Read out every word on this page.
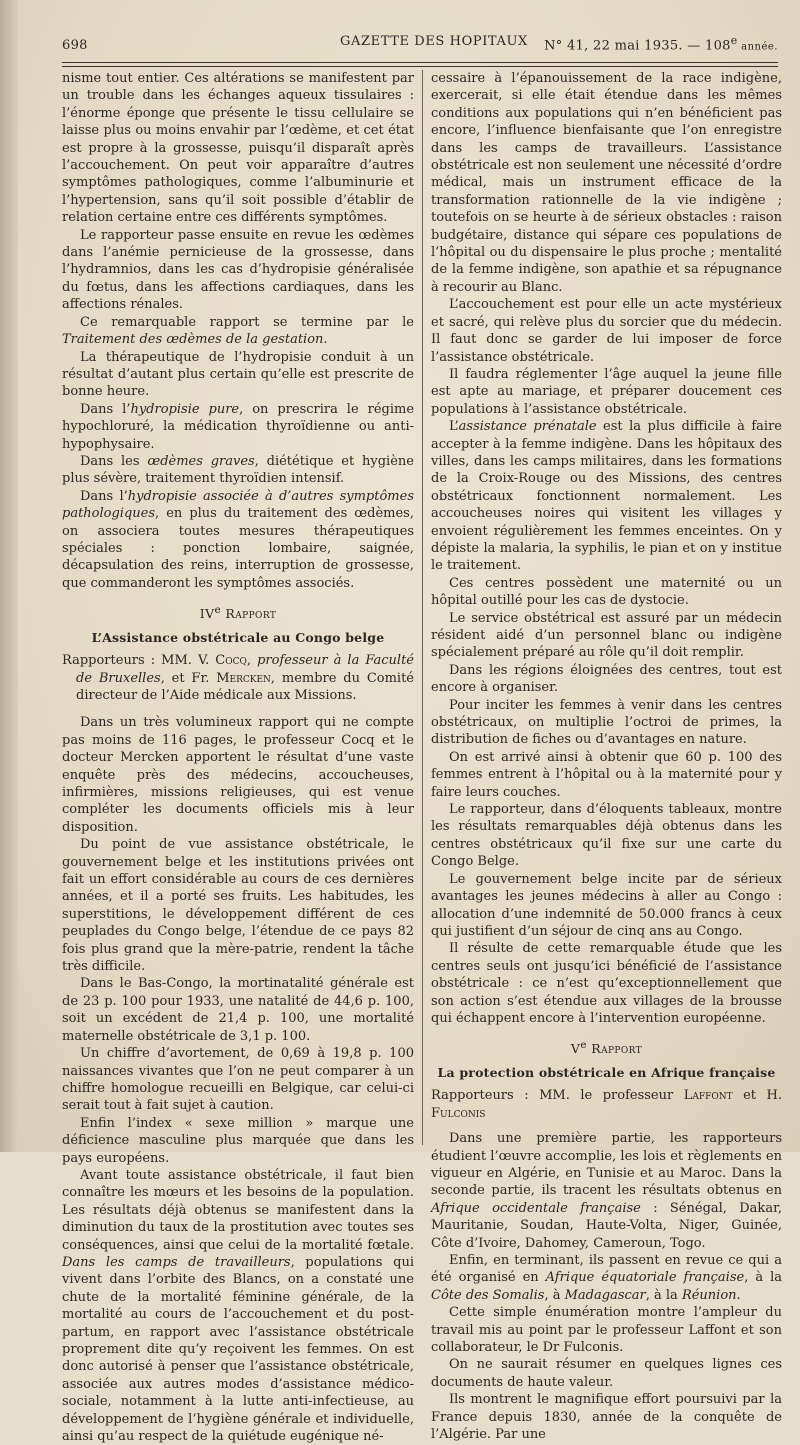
698	GAZETTE DES HOPITAUX N° 41, 22 mai 1935. — 108e année.

nisme tout entier. Ces altérations se manifestent par un trouble dans les échanges aqueux tissulaires : l’énorme éponge que présente le tissu cellulaire se laisse plus ou moins envahir par l’œdème, et cet état est propre à la grossesse, puisqu’il disparaît après l’accouchement. On peut voir apparaître d’autres symptômes pathologiques, comme l’albuminurie et l’hypertension, sans qu’il soit possible d’établir de relation certaine entre ces différents symptômes.

Le rapporteur passe ensuite en revue les œdèmes dans l’anémie pernicieuse de la grossesse, dans l’hydramnios, dans les cas d’hydropisie généralisée du fœtus, dans les affections cardiaques, dans les affections rénales.

Ce remarquable rapport se termine par le Traitement des œdèmes de la gestation.

La thérapeutique de l’hydropisie conduit à un résultat d’autant plus certain qu’elle est prescrite de bonne heure.

Dans l’hydropisie pure, on prescrira le régime hypochloruré, la médication thyroïdienne ou anti-hypophysaire.

Dans les œdèmes graves, diététique et hygiène plus sévère, traitement thyroïdien intensif.

Dans l’hydropisie associée à d’autres symptômes pathologiques, en plus du traitement des œdèmes, on associera toutes mesures thérapeutiques spéciales : ponction lombaire, saignée, décapsulation des reins, interruption de grossesse, que commanderont les symptômes associés.

IVe Rapport
L’Assistance obstétricale au Congo belge

Rapporteurs : MM. V. Cocq, professeur à la Faculté de Bruxelles, et Fr. Mercken, membre du Comité directeur de l’Aide médicale aux Missions.

Dans un très volumineux rapport qui ne compte pas moins de 116 pages, le professeur Cocq et le docteur Mercken apportent le résultat d’une vaste enquête près des médecins, accoucheuses, infirmières, missions religieuses, qui est venue compléter les documents officiels mis à leur disposition.

Du point de vue assistance obstétricale, le gouvernement belge et les institutions privées ont fait un effort considérable au cours de ces dernières années, et il a porté ses fruits. Les habitudes, les superstitions, le développement différent de ces peuplades du Congo belge, l’étendue de ce pays 82 fois plus grand que la mère-patrie, rendent la tâche très difficile.

Dans le Bas-Congo, la mortinatalité générale est de 23 p. 100 pour 1933, une natalité de 44,6 p. 100, soit un excédent de 21,4 p. 100, une mortalité maternelle obstétricale de 3,1 p. 100.

Un chiffre d’avortement, de 0,69 à 19,8 p. 100 naissances vivantes que l’on ne peut comparer à un chiffre homologue recueilli en Belgique, car celui-ci serait tout à fait sujet à caution.

Enfin l’index « sexe million » marque une déficience masculine plus marquée que dans les pays européens.

Avant toute assistance obstétricale, il faut bien connaître les mœurs et les besoins de la population. Les résultats déjà obtenus se manifestent dans la diminution du taux de la prostitution avec toutes ses conséquences, ainsi que celui de la mortalité fœtale. Dans les camps de travailleurs, populations qui vivent dans l’orbite des Blancs, on a constaté une chute de la mortalité féminine générale, de la mortalité au cours de l’accouchement et du post-partum, en rapport avec l’assistance obstétricale proprement dite qu’y reçoivent les femmes. On est donc autorisé à penser que l’assistance obstétricale, associée aux autres modes d’assistance médico-sociale, notamment à la lutte anti-infectieuse, au développement de l’hygiène générale et individuelle, ainsi qu’au respect de la quiétude eugénique né-

cessaire à l’épanouissement de la race indigène, exercerait, si elle était étendue dans les mêmes conditions aux populations qui n’en bénéficient pas encore, l’influence bienfaisante que l’on enregistre dans les camps de travailleurs. L’assistance obstétricale est non seulement une nécessité d’ordre médical, mais un instrument efficace de la transformation rationnelle de la vie indigène ; toutefois on se heurte à de sérieux obstacles : raison budgétaire, distance qui sépare ces populations de l’hôpital ou du dispensaire le plus proche ; mentalité de la femme indigène, son apathie et sa répugnance à recourir au Blanc.

L’accouchement est pour elle un acte mystérieux et sacré, qui relève plus du sorcier que du médecin. Il faut donc se garder de lui imposer de force l’assistance obstétricale.

Il faudra réglementer l’âge auquel la jeune fille est apte au mariage, et préparer doucement ces populations à l’assistance obstétricale.

L’assistance prénatale est la plus difficile à faire accepter à la femme indigène. Dans les hôpitaux des villes, dans les camps militaires, dans les formations de la Croix-Rouge ou des Missions, des centres obstétricaux fonctionnent normalement. Les accoucheuses noires qui visitent les villages y envoient régulièrement les femmes enceintes. On y dépiste la malaria, la syphilis, le pian et on y institue le traitement.

Ces centres possèdent une maternité ou un hôpital outillé pour les cas de dystocie.

Le service obstétrical est assuré par un médecin résident aidé d’un personnel blanc ou indigène spécialement préparé au rôle qu’il doit remplir.

Dans les régions éloignées des centres, tout est encore à organiser.

Pour inciter les femmes à venir dans les centres obstétricaux, on multiplie l’octroi de primes, la distribution de fiches ou d’avantages en nature.

On est arrivé ainsi à obtenir que 60 p. 100 des femmes entrent à l’hôpital ou à la maternité pour y faire leurs couches.

Le rapporteur, dans d’éloquents tableaux, montre les résultats remarquables déjà obtenus dans les centres obstétricaux qu’il fixe sur une carte du Congo Belge.

Le gouvernement belge incite par de sérieux avantages les jeunes médecins à aller au Congo : allocation d’une indemnité de 50.000 francs à ceux qui justifient d’un séjour de cinq ans au Congo.

Il résulte de cette remarquable étude que les centres seuls ont jusqu’ici bénéficié de l’assistance obstétricale : ce n’est qu’exceptionnellement que son action s’est étendue aux villages de la brousse qui échappent encore à l’intervention européenne.

Ve Rapport
La protection obstétricale en Afrique française

Rapporteurs : MM. le professeur Laffont et H. Fulconis

Dans une première partie, les rapporteurs étudient l’œuvre accomplie, les lois et règlements en vigueur en Algérie, en Tunisie et au Maroc. Dans la seconde partie, ils tracent les résultats obtenus en Afrique occidentale française : Sénégal, Dakar, Mauritanie, Soudan, Haute-Volta, Niger, Guinée, Côte d’Ivoire, Dahomey, Cameroun, Togo.

Enfin, en terminant, ils passent en revue ce qui a été organisé en Afrique équatoriale française, à la Côte des Somalis, à Madagascar, à la Réunion.

Cette simple énumération montre l’ampleur du travail mis au point par le professeur Laffont et son collaborateur, le Dr Fulconis.

On ne saurait résumer en quelques lignes ces documents de haute valeur.

Ils montrent le magnifique effort poursuivi par la France depuis 1830, année de la conquête de l’Algérie. Par une
